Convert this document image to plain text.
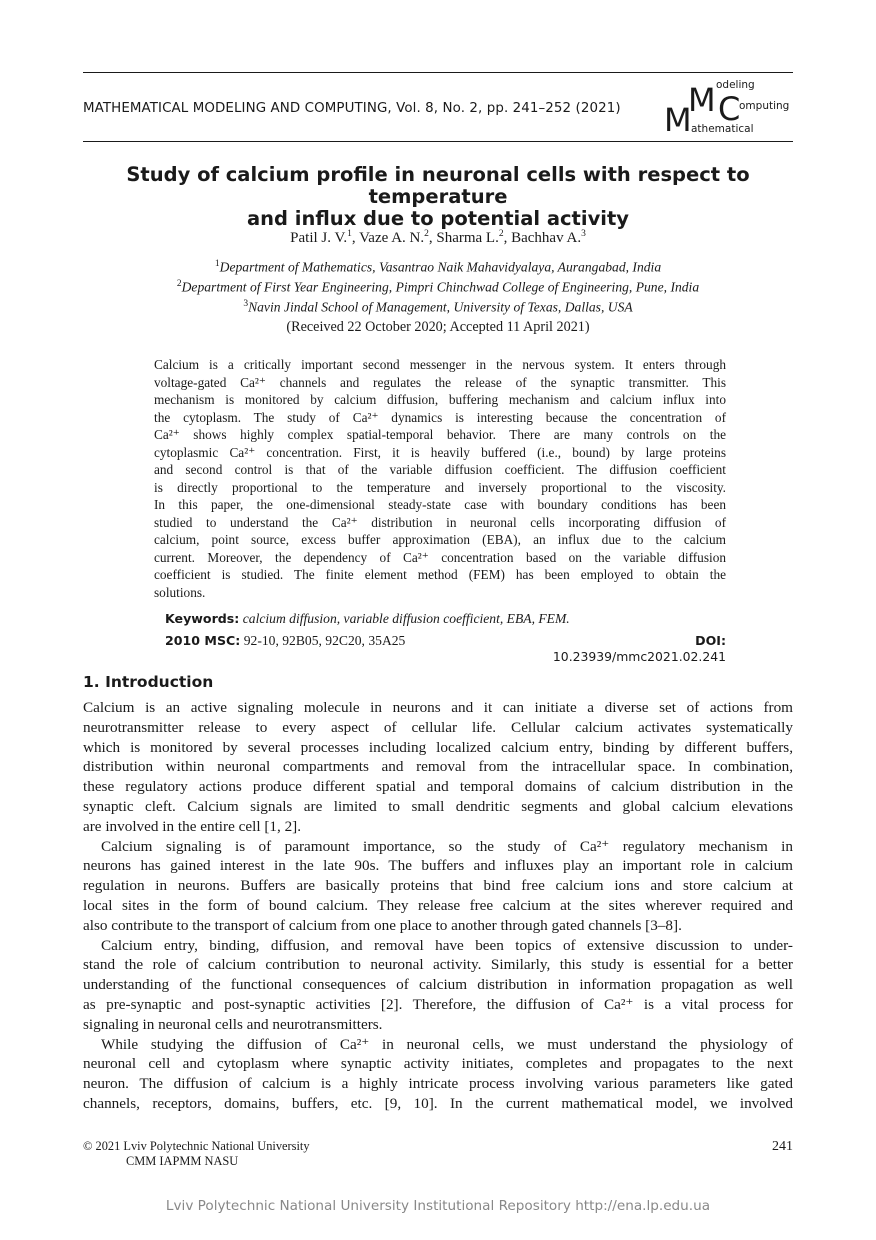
MATHEMATICAL MODELING AND COMPUTING, Vol. 8, No. 2, pp. 241–252 (2021) M
M C
odeling
omputing
athematical
Study of calcium profile in neuronal cells with respect to temperature
and influx due to potential activity
Patil J. V.$^1$, Vaze A. N.$^2$, Sharma L.$^2$, Bachhav A.$^3$
$^1$Department of Mathematics, Vasantrao Naik Mahavidyalaya, Aurangabad, India
$^2$Department of First Year Engineering, Pimpri Chinchwad College of Engineering, Pune, India
$^3$Navin Jindal School of Management, University of Texas, Dallas, USA
(Received 22 October 2020; Accepted 11 April 2021)
Calcium is a critically important second messenger in the nervous system. It enters through
voltage-gated Ca²⁺ channels and regulates the release of the synaptic transmitter. This
mechanism is monitored by calcium diffusion, buffering mechanism and calcium influx into
the cytoplasm. The study of Ca²⁺ dynamics is interesting because the concentration of
Ca²⁺ shows highly complex spatial-temporal behavior. There are many controls on the
cytoplasmic Ca²⁺ concentration. First, it is heavily buffered (i.e., bound) by large proteins
and second control is that of the variable diffusion coefficient. The diffusion coefficient
is directly proportional to the temperature and inversely proportional to the viscosity.
In this paper, the one-dimensional steady-state case with boundary conditions has been
studied to understand the Ca²⁺ distribution in neuronal cells incorporating diffusion of
calcium, point source, excess buffer approximation (EBA), an influx due to the calcium
current. Moreover, the dependency of Ca²⁺ concentration based on the variable diffusion
coefficient is studied. The finite element method (FEM) has been employed to obtain the
solutions.
Keywords: calcium diffusion, variable diffusion coefficient, EBA, FEM.
2010 MSC: 92-10, 92B05, 92C20, 35A25	DOI: 10.23939/mmc2021.02.241
1. Introduction
Calcium is an active signaling molecule in neurons and it can initiate a diverse set of actions from
neurotransmitter release to every aspect of cellular life. Cellular calcium activates systematically
which is monitored by several processes including localized calcium entry, binding by different buffers,
distribution within neuronal compartments and removal from the intracellular space. In combination,
these regulatory actions produce different spatial and temporal domains of calcium distribution in the
synaptic cleft. Calcium signals are limited to small dendritic segments and global calcium elevations
are involved in the entire cell [1, 2].
Calcium signaling is of paramount importance, so the study of Ca²⁺ regulatory mechanism in
neurons has gained interest in the late 90s. The buffers and influxes play an important role in calcium
regulation in neurons. Buffers are basically proteins that bind free calcium ions and store calcium at
local sites in the form of bound calcium. They release free calcium at the sites wherever required and
also contribute to the transport of calcium from one place to another through gated channels [3–8].
Calcium entry, binding, diffusion, and removal have been topics of extensive discussion to under-
stand the role of calcium contribution to neuronal activity. Similarly, this study is essential for a better
understanding of the functional consequences of calcium distribution in information propagation as well
as pre-synaptic and post-synaptic activities [2]. Therefore, the diffusion of Ca²⁺ is a vital process for
signaling in neuronal cells and neurotransmitters.
While studying the diffusion of Ca²⁺ in neuronal cells, we must understand the physiology of
neuronal cell and cytoplasm where synaptic activity initiates, completes and propagates to the next
neuron. The diffusion of calcium is a highly intricate process involving various parameters like gated
channels, receptors, domains, buffers, etc. [9, 10]. In the current mathematical model, we involved
© 2021 Lviv Polytechnic National University
CMM IAPMM NASU
241
Lviv Polytechnic National University Institutional Repository http://ena.lp.edu.ua
